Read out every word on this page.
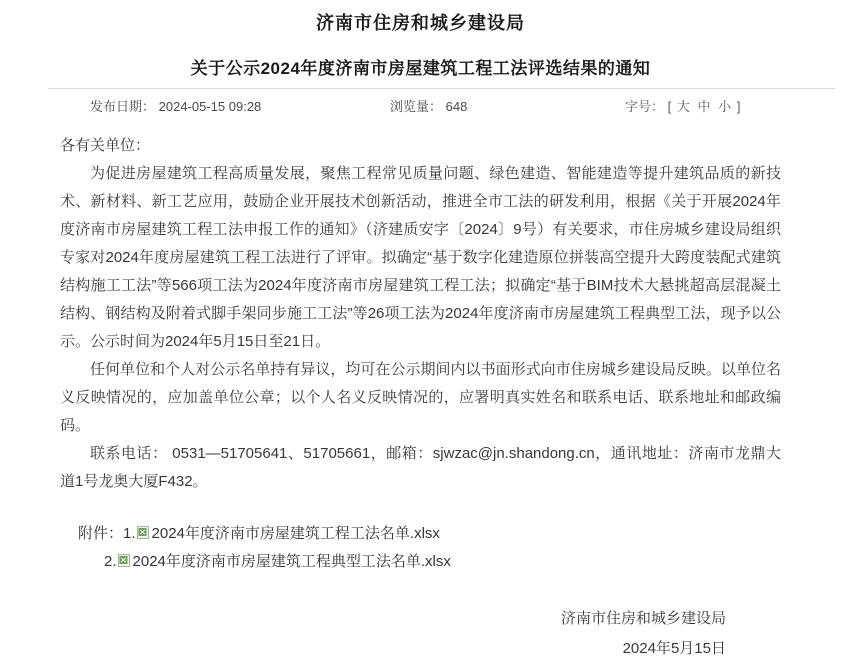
济南市住房和城乡建设局
关于公示2024年度济南市房屋建筑工程工法评选结果的通知
发布日期： 2024-05-15 09:28	浏览量： 648	字号： [ 大 中 小 ]
各有关单位：

为促进房屋建筑工程高质量发展，聚焦工程常见质量问题、绿色建造、智能建造等提升建筑品质的新技术、新材料、新工艺应用，鼓励企业开展技术创新活动，推进全市工法的研发利用，根据《关于开展2024年度济南市房屋建筑工程工法申报工作的通知》（济建质安字〔2024〕9号）有关要求，市住房城乡建设局组织专家对2024年度房屋建筑工程工法进行了评审。拟确定“基于数字化建造原位拼装高空提升大跨度装配式建筑结构施工工法”等566项工法为2024年度济南市房屋建筑工程工法；拟确定“基于BIM技术大悬挑超高层混凝土结构、钢结构及附着式脚手架同步施工工法”等26项工法为2024年度济南市房屋建筑工程典型工法，现予以公示。公示时间为2024年5月15日至21日。

任何单位和个人对公示名单持有异议，均可在公示期间内以书面形式向市住房城乡建设局反映。以单位名义反映情况的，应加盖单位公章；以个人名义反映情况的，应署明真实姓名和联系电话、联系地址和邮政编码。

联系电话： 0531—51705641、51705661，邮箱：sjwzac@jn.shandong.cn，通讯地址：济南市龙鼎大道1号龙奥大厦F432。

附件：1. 2024年度济南市房屋建筑工程工法名单.xlsx
2. 2024年度济南市房屋建筑工程典型工法名单.xlsx
济南市住房和城乡建设局
2024年5月15日
